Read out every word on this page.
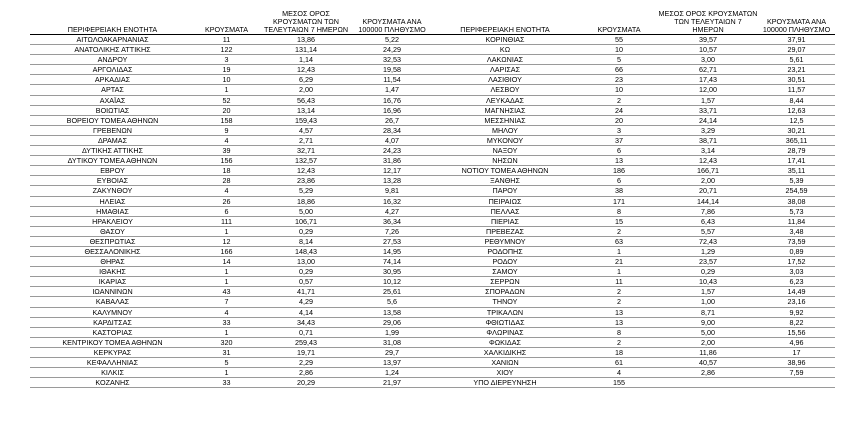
ΠΕΡΙΦΕΡΕΙΑΚΗ ΕΝΟΤΗΤΑ	ΚΡΟΥΣΜΑΤΑ	ΜΕΣΟΣ ΟΡΟΣ ΚΡΟΥΣΜΑΤΩΝ ΤΩΝ ΤΕΛΕΥΤΑΙΩΝ 7 ΗΜΕΡΩΝ	ΚΡΟΥΣΜΑΤΑ ΑΝΑ 100000 ΠΛΗΘΥΣΜΟ
ΑΙΤΩΛΟΑΚΑΡΝΑΝΙΑΣ	11	13,86	5,22
ΑΝΑΤΟΛΙΚΗΣ ΑΤΤΙΚΗΣ	122	131,14	24,29
ΑΝΔΡΟΥ	3	1,14	32,53
ΑΡΓΟΛΙΔΑΣ	19	12,43	19,58
ΑΡΚΑΔΙΑΣ	10	6,29	11,54
ΑΡΤΑΣ	1	2,00	1,47
ΑΧΑΪΑΣ	52	56,43	16,76
ΒΟΙΩΤΙΑΣ	20	13,14	16,96
ΒΟΡΕΙΟΥ ΤΟΜΕΑ ΑΘΗΝΩΝ	158	159,43	26,7
ΓΡΕΒΕΝΩΝ	9	4,57	28,34
ΔΡΑΜΑΣ	4	2,71	4,07
ΔΥΤΙΚΗΣ ΑΤΤΙΚΗΣ	39	32,71	24,23
ΔΥΤΙΚΟΥ ΤΟΜΕΑ ΑΘΗΝΩΝ	156	132,57	31,86
ΕΒΡΟΥ	18	12,43	12,17
ΕΥΒΟΙΑΣ	28	23,86	13,28
ΖΑΚΥΝΘΟΥ	4	5,29	9,81
ΗΛΕΙΑΣ	26	18,86	16,32
ΗΜΑΘΙΑΣ	6	5,00	4,27
ΗΡΑΚΛΕΙΟΥ	111	106,71	36,34
ΘΑΣΟΥ	1	0,29	7,26
ΘΕΣΠΡΩΤΙΑΣ	12	8,14	27,53
ΘΕΣΣΑΛΟΝΙΚΗΣ	166	148,43	14,95
ΘΗΡΑΣ	14	13,00	74,14
ΙΘΑΚΗΣ	1	0,29	30,95
ΙΚΑΡΙΑΣ	1	0,57	10,12
ΙΩΑΝΝΙΝΩΝ	43	41,71	25,61
ΚΑΒΑΛΑΣ	7	4,29	5,6
ΚΑΛΥΜΝΟΥ	4	4,14	13,58
ΚΑΡΔΙΤΣΑΣ	33	34,43	29,06
ΚΑΣΤΟΡΙΑΣ	1	0,71	1,99
ΚΕΝΤΡΙΚΟΥ ΤΟΜΕΑ ΑΘΗΝΩΝ	320	259,43	31,08
ΚΕΡΚΥΡΑΣ	31	19,71	29,7
ΚΕΦΑΛΛΗΝΙΑΣ	5	2,29	13,97
ΚΙΛΚΙΣ	1	2,86	1,24
ΚΟΖΑΝΗΣ	33	20,29	21,97
ΠΕΡΙΦΕΡΕΙΑΚΗ ΕΝΟΤΗΤΑ	ΚΡΟΥΣΜΑΤΑ	ΜΕΣΟΣ ΟΡΟΣ ΚΡΟΥΣΜΑΤΩΝ ΤΩΝ ΤΕΛΕΥΤΑΙΩΝ 7 ΗΜΕΡΩΝ	ΚΡΟΥΣΜΑΤΑ ΑΝΑ 100000 ΠΛΗΘΥΣΜΟ
ΚΟΡΙΝΘΙΑΣ	55	39,57	37,91
ΚΩ	10	10,57	29,07
ΛΑΚΩΝΙΑΣ	5	3,00	5,61
ΛΑΡΙΣΑΣ	66	62,71	23,21
ΛΑΣΙΘΙΟΥ	23	17,43	30,51
ΛΕΣΒΟΥ	10	12,00	11,57
ΛΕΥΚΑΔΑΣ	2	1,57	8,44
ΜΑΓΝΗΣΙΑΣ	24	33,71	12,63
ΜΕΣΣΗΝΙΑΣ	20	24,14	12,5
ΜΗΛΟΥ	3	3,29	30,21
ΜΥΚΟΝΟΥ	37	38,71	365,11
ΝΑΞΟΥ	6	3,14	28,79
ΝΗΣΩΝ	13	12,43	17,41
ΝΟΤΙΟΥ ΤΟΜΕΑ ΑΘΗΝΩΝ	186	166,71	35,11
ΞΑΝΘΗΣ	6	2,00	5,39
ΠΑΡΟΥ	38	20,71	254,59
ΠΕΙΡΑΙΩΣ	171	144,14	38,08
ΠΕΛΛΑΣ	8	7,86	5,73
ΠΙΕΡΙΑΣ	15	6,43	11,84
ΠΡΕΒΕΖΑΣ	2	5,57	3,48
ΡΕΘΥΜΝΟΥ	63	72,43	73,59
ΡΟΔΟΠΗΣ	1	1,29	0,89
ΡΟΔΟΥ	21	23,57	17,52
ΣΑΜΟΥ	1	0,29	3,03
ΣΕΡΡΩΝ	11	10,43	6,23
ΣΠΟΡΑΔΩΝ	2	1,57	14,49
ΤΗΝΟΥ	2	1,00	23,16
ΤΡΙΚΑΛΩΝ	13	8,71	9,92
ΦΘΙΩΤΙΔΑΣ	13	9,00	8,22
ΦΛΩΡΙΝΑΣ	8	5,00	15,56
ΦΩΚΙΔΑΣ	2	2,00	4,96
ΧΑΛΚΙΔΙΚΗΣ	18	11,86	17
ΧΑΝΙΩΝ	61	40,57	38,96
ΧΙΟΥ	4	2,86	7,59
ΥΠΟ ΔΙΕΡΕΥΝΗΣΗ	155		
